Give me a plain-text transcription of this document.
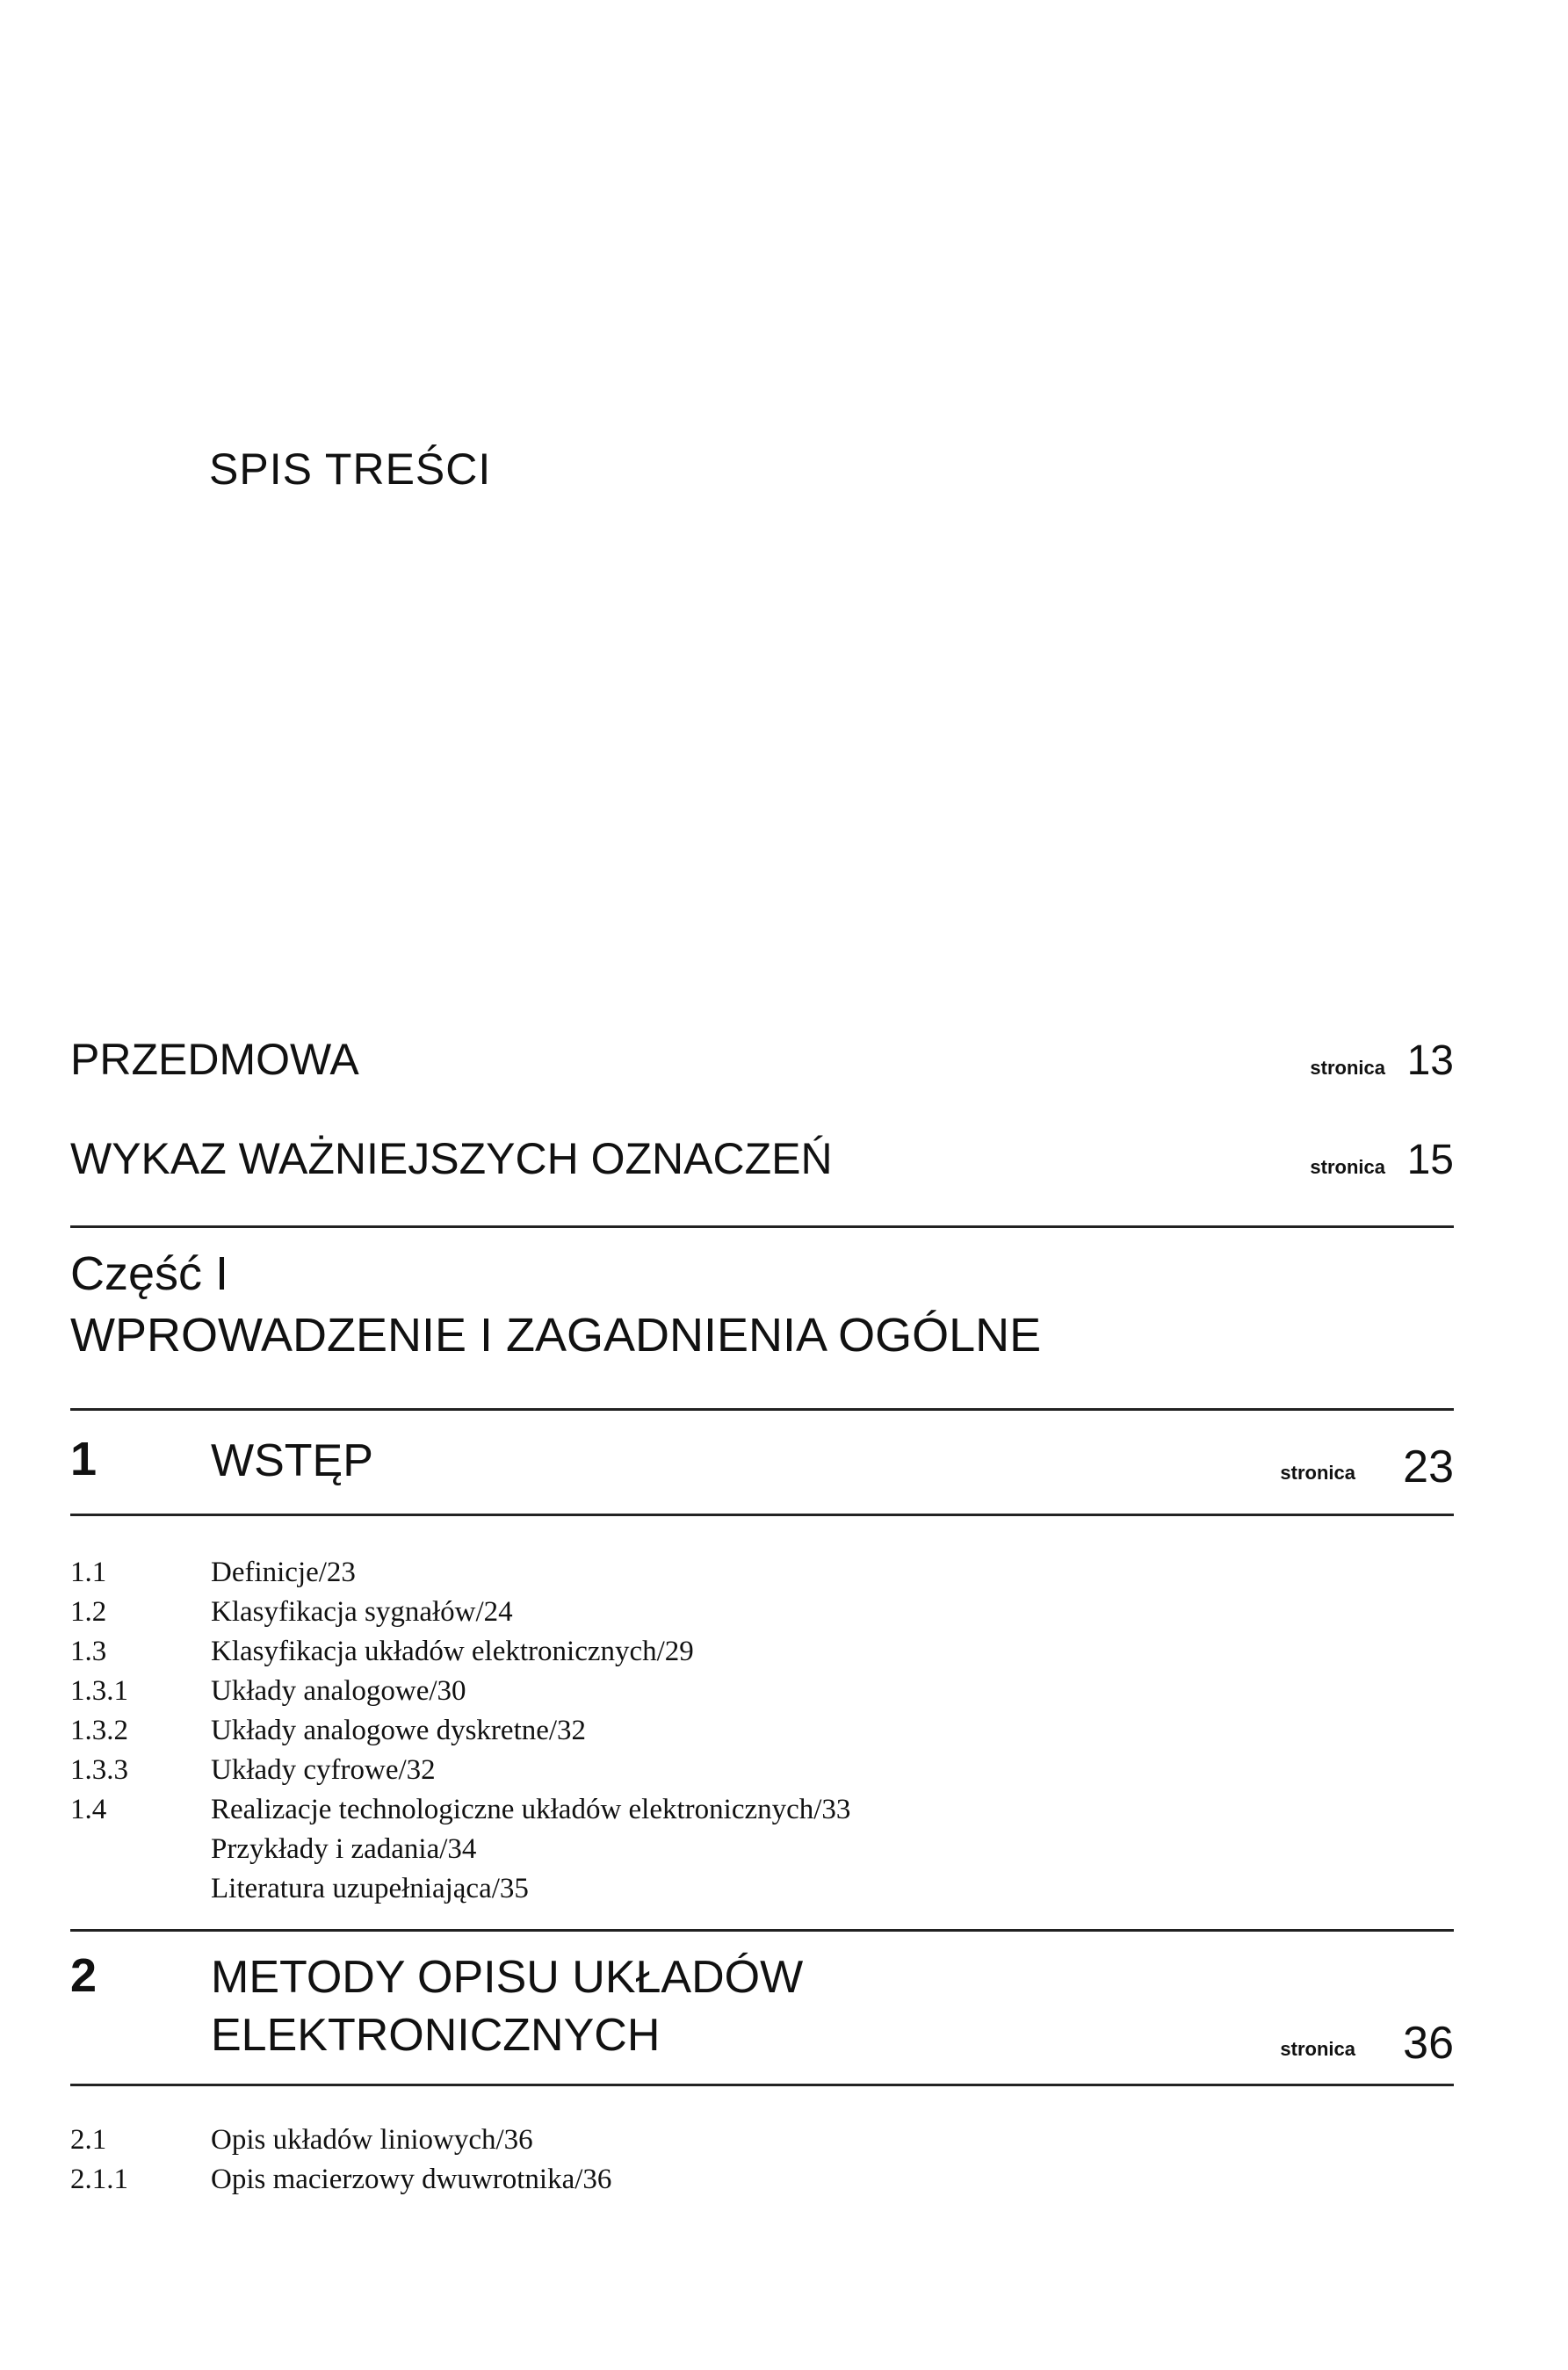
SPIS TREŚCI
PRZEDMOWA	stronica 13
WYKAZ WAŻNIEJSZYCH OZNACZEŃ	stronica 15
Część I
WPROWADZENIE I ZAGADNIENIA OGÓLNE
1 WSTĘP	stronica 23
1.1	Definicje/23
1.2	Klasyfikacja sygnałów/24
1.3	Klasyfikacja układów elektronicznych/29
1.3.1	Układy analogowe/30
1.3.2	Układy analogowe dyskretne/32
1.3.3	Układy cyfrowe/32
1.4	Realizacje technologiczne układów elektronicznych/33
Przykłady i zadania/34
Literatura uzupełniająca/35
2 METODY OPISU UKŁADÓW
ELEKTRONICZNYCH	stronica 36
2.1	Opis układów liniowych/36
2.1.1	Opis macierzowy dwuwrotnika/36
